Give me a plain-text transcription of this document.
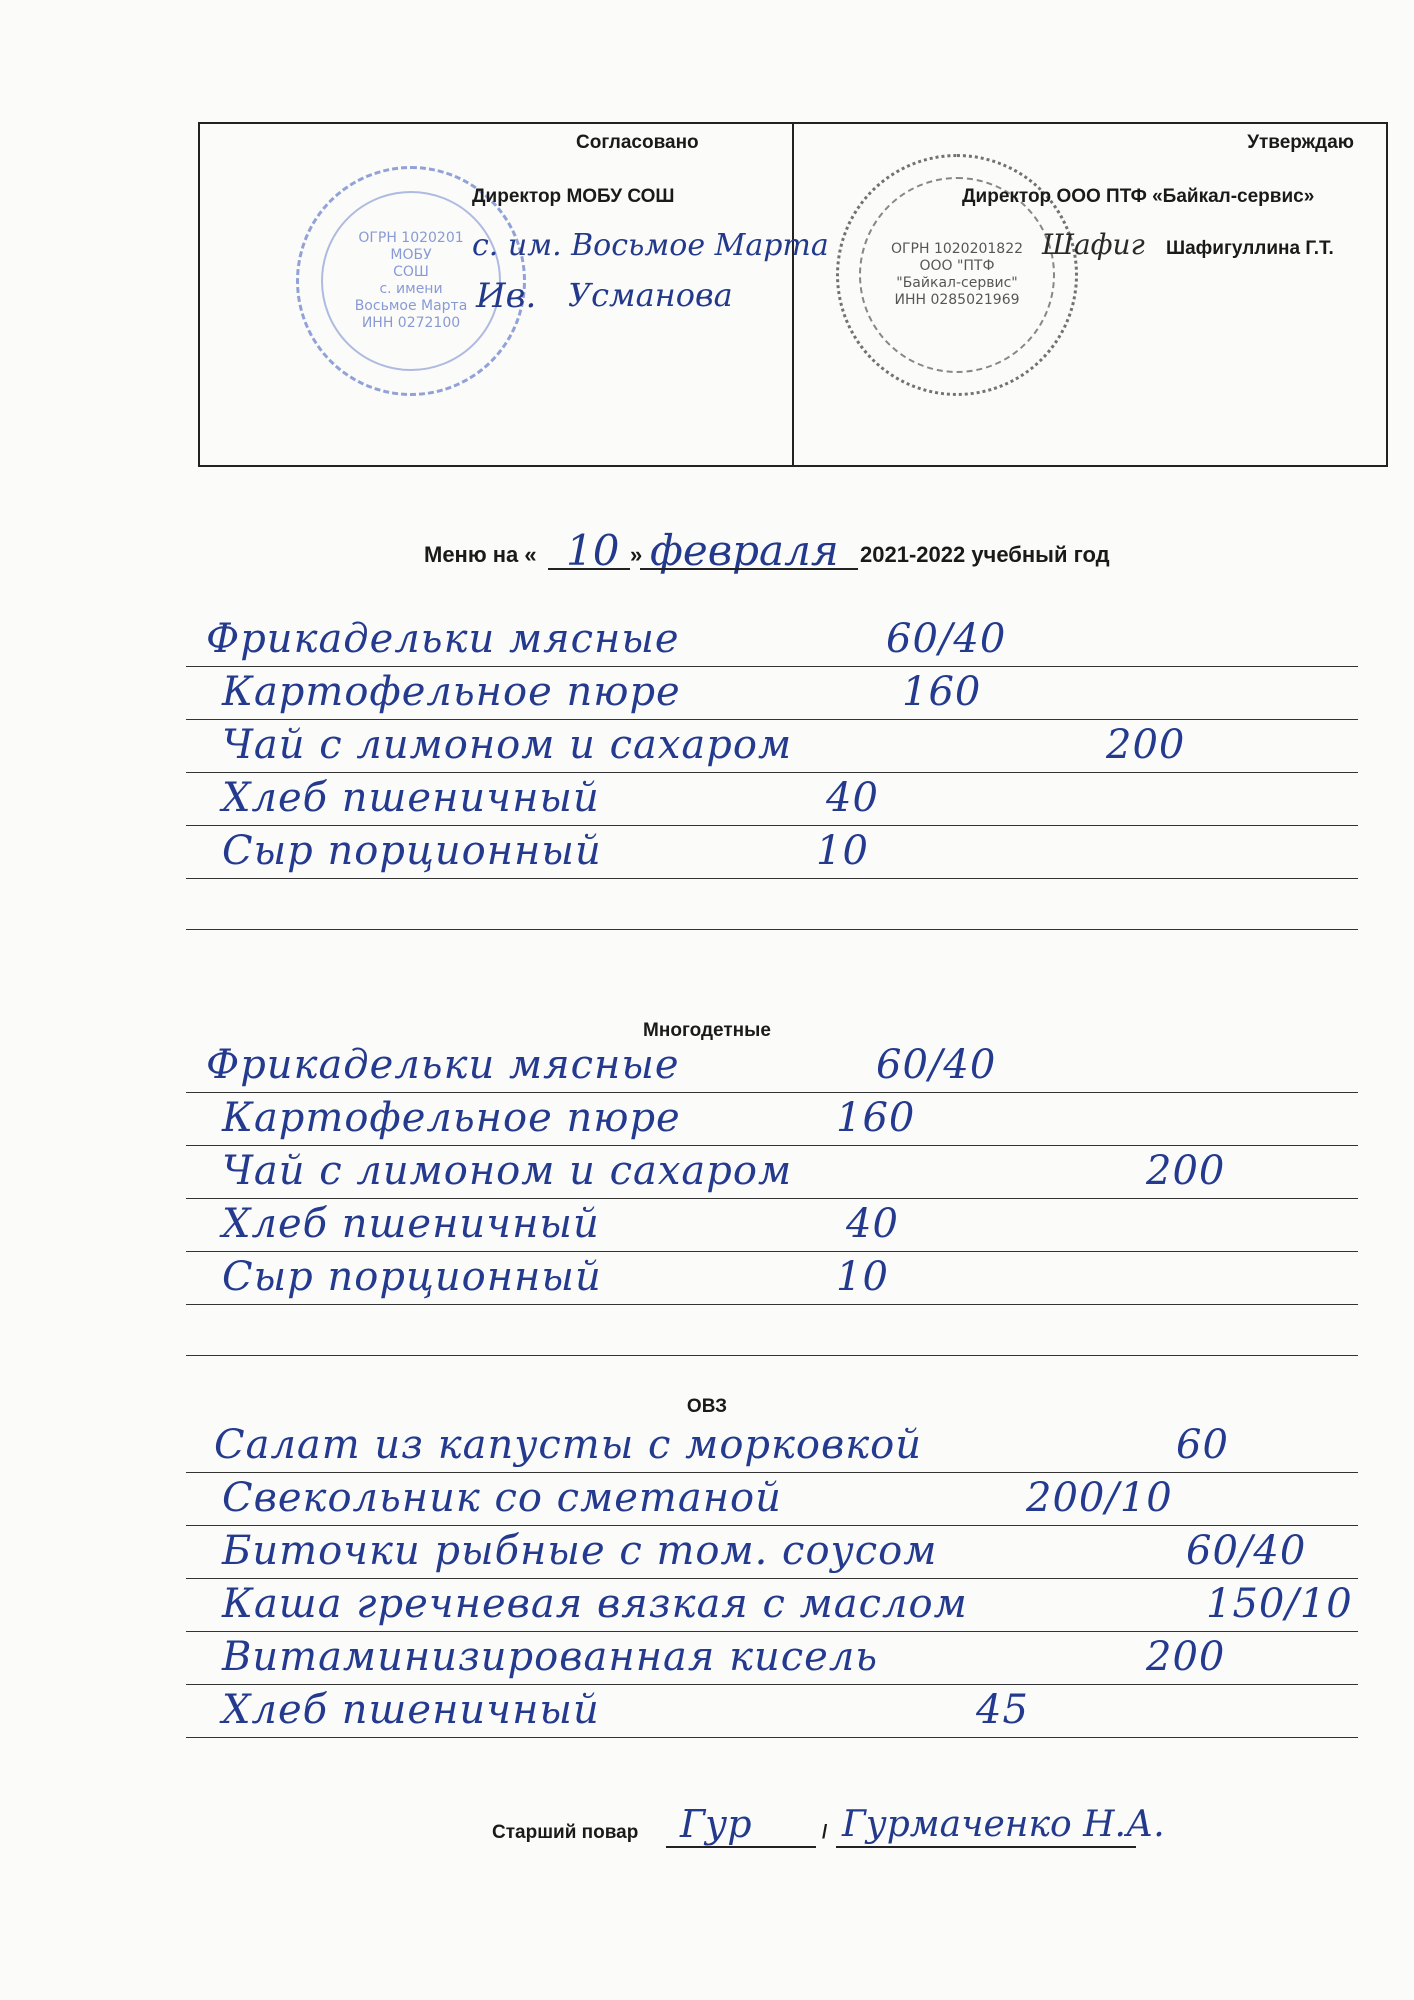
ОГРН 1020201
МОБУ
СОШ
с. имени
Восьмое Марта
ИНН 0272100
Согласовано
Директор МОБУ СОШ
с. им. Восьмое Марта
Ив. Усманова
ОГРН 1020201822
ООО "ПТФ
"Байкал-сервис"
ИНН 0285021969
Утверждаю
Директор ООО ПТФ «Байкал-сервис»
Шафиг Шафигуллина Г.Т.
Меню на « 10 » февраля 2021-2022 учебный год
Фрикадельки мясные	60/40
Картофельное пюре	160
Чай с лимоном и сахаром	200
Хлеб пшеничный	40
Сыр порционный	10
Многодетные
Фрикадельки мясные	60/40
Картофельное пюре	160
Чай с лимоном и сахаром	200
Хлеб пшеничный	40
Сыр порционный	10
ОВЗ
Салат из капусты с морковкой	60
Свекольник со сметаной	200/10
Биточки рыбные с том. соусом	60/40
Каша гречневая вязкая с маслом	150/10
Витаминизированная кисель	200
Хлеб пшеничный	45
Старший повар Гур	/ Гурмаченко Н.А.
